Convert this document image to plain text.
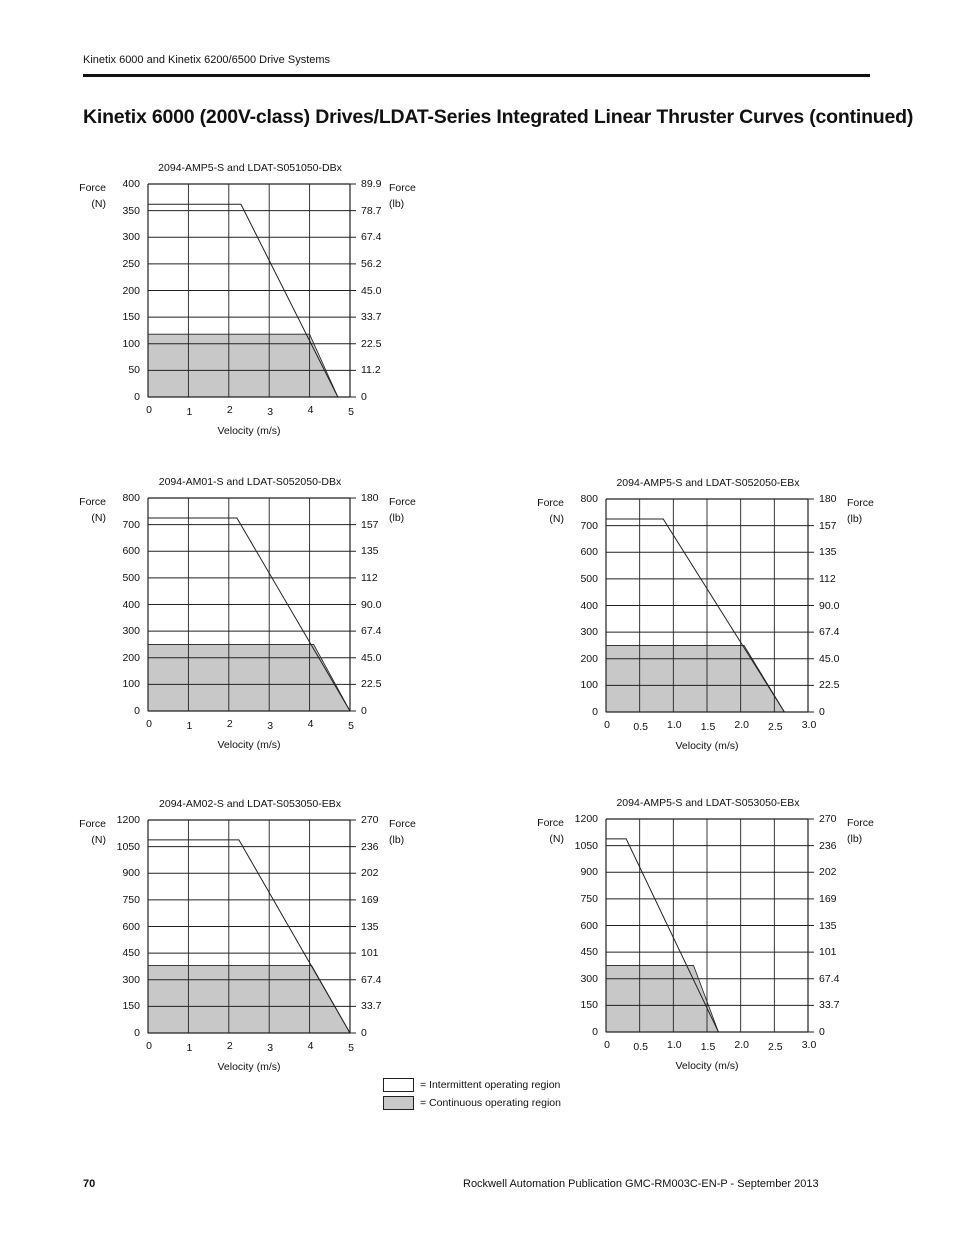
Kinetix 6000 and Kinetix 6200/6500 Drive Systems
Kinetix 6000 (200V-class) Drives/LDAT-Series Integrated Linear Thruster Curves (continued)
2094-AMP5-S and LDAT-S051050-DBx
0
50
100
150
200
250
300
350
400
0
11.2
22.5
33.7
45.0
56.2
67.4
78.7
89.9
0	1	2	3	4	5
Force
(N)
Force
(lb)
Velocity (m/s)
2094-AM01-S and LDAT-S052050-DBx
0
100
200
300
400
500
600
700
800
0
22.5
45.0
67.4
90.0
112
135
157
180
0	1	2	3	4	5
Force
(N)
Force
(lb)
Velocity (m/s)
2094-AMP5-S and LDAT-S052050-EBx
0
100
200
300
400
500
600
700
800
0
22.5
45.0
67.4
90.0
112
135
157
180
0 0.5 1.0 1.5 2.0 2.5 3.0
Force
(N)
Force
(lb)
Velocity (m/s)
2094-AM02-S and LDAT-S053050-EBx
0
150
300
450
600
750
900
1050
1200
0
33.7
67.4
101
135
169
202
236
270
0	1	2	3	4	5
Force
(N)
Force
(lb)
Velocity (m/s)
2094-AMP5-S and LDAT-S053050-EBx
0
150
300
450
600
750
900
1050
1200
0
33.7
67.4
101
135
169
202
236
270
0 0.5 1.0 1.5 2.0 2.5 3.0
Force
(N)
Force
(lb)
Velocity (m/s)
= Intermittent operating region
= Continuous operating region
70	Rockwell Automation Publication GMC-RM003C-EN-P - September 2013
